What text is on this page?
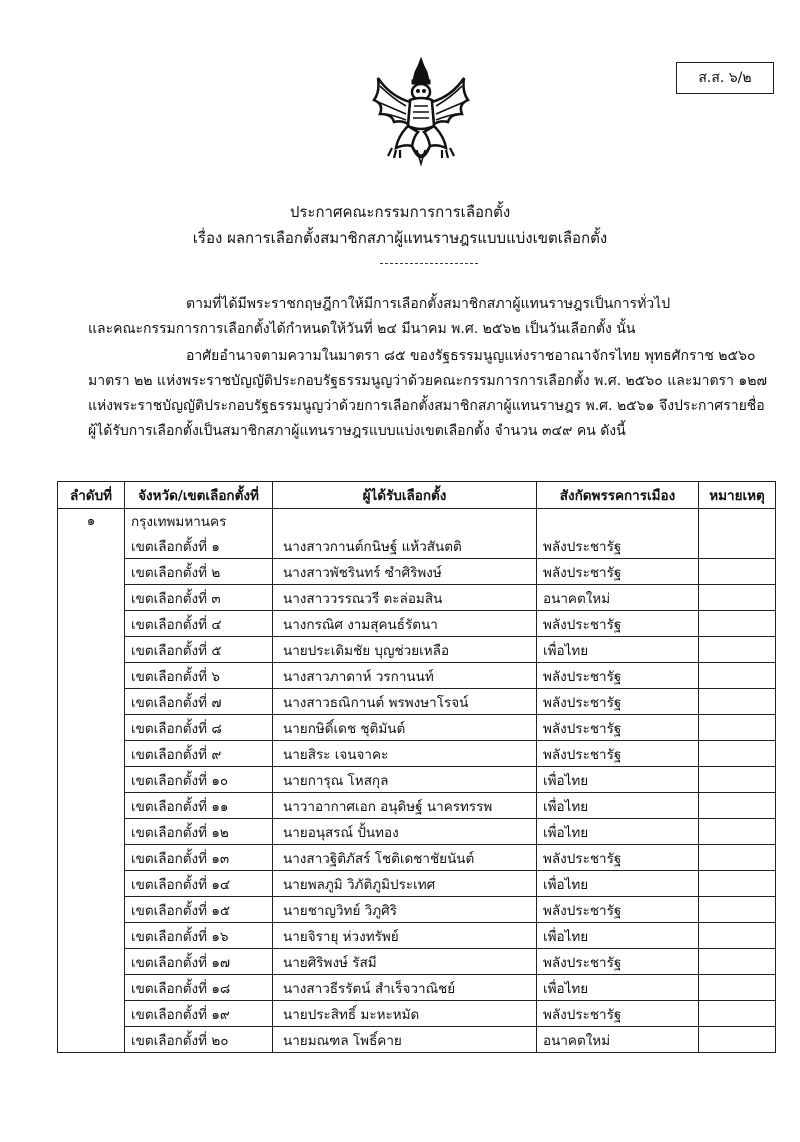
ส.ส. ๖/๒
ประกาศคณะกรรมการการเลือกตั้ง
เรื่อง ผลการเลือกตั้งสมาชิกสภาผู้แทนราษฎรแบบแบ่งเขตเลือกตั้ง
ตามที่ได้มีพระราชกฤษฎีกาให้มีการเลือกตั้งสมาชิกสภาผู้แทนราษฎรเป็นการทั่วไป
และคณะกรรมการการเลือกตั้งได้กำหนดให้วันที่ ๒๔ มีนาคม พ.ศ. ๒๕๖๒ เป็นวันเลือกตั้ง นั้น
อาศัยอำนาจตามความในมาตรา ๘๕ ของรัฐธรรมนูญแห่งราชอาณาจักรไทย พุทธศักราช ๒๕๖๐
มาตรา ๒๒ แห่งพระราชบัญญัติประกอบรัฐธรรมนูญว่าด้วยคณะกรรมการการเลือกตั้ง พ.ศ. ๒๕๖๐ และมาตรา ๑๒๗
แห่งพระราชบัญญัติประกอบรัฐธรรมนูญว่าด้วยการเลือกตั้งสมาชิกสภาผู้แทนราษฎร พ.ศ. ๒๕๖๑ จึงประกาศรายชื่อ
ผู้ได้รับการเลือกตั้งเป็นสมาชิกสภาผู้แทนราษฎรแบบแบ่งเขตเลือกตั้ง จำนวน ๓๔๙ คน ดังนี้
ลำดับที่	จังหวัด/เขตเลือกตั้งที่	ผู้ได้รับเลือกตั้ง	สังกัดพรรคการเมือง	หมายเหตุ
๑	กรุงเทพมหานคร			
	เขตเลือกตั้งที่ ๑	นางสาวกานต์กนิษฐ์ แห้วสันตติ	พลังประชารัฐ	
	เขตเลือกตั้งที่ ๒	นางสาวพัชรินทร์ ซำศิริพงษ์	พลังประชารัฐ	
	เขตเลือกตั้งที่ ๓	นางสาววรรณวรี ตะล่อมสิน	อนาคตใหม่	
	เขตเลือกตั้งที่ ๔	นางกรณิศ งามสุคนธ์รัตนา	พลังประชารัฐ	
	เขตเลือกตั้งที่ ๕	นายประเดิมชัย บุญช่วยเหลือ	เพื่อไทย	
	เขตเลือกตั้งที่ ๖	นางสาวภาดาห์ วรกานนท์	พลังประชารัฐ	
	เขตเลือกตั้งที่ ๗	นางสาวธณิกานต์ พรพงษาโรจน์	พลังประชารัฐ	
	เขตเลือกตั้งที่ ๘	นายกษิดิ์เดช ชุติมันต์	พลังประชารัฐ	
	เขตเลือกตั้งที่ ๙	นายสิระ เจนจาคะ	พลังประชารัฐ	
	เขตเลือกตั้งที่ ๑๐	นายการุณ โหสกุล	เพื่อไทย	
	เขตเลือกตั้งที่ ๑๑	นาวาอากาศเอก อนุดิษฐ์ นาครทรรพ	เพื่อไทย	
	เขตเลือกตั้งที่ ๑๒	นายอนุสรณ์ ปั้นทอง	เพื่อไทย	
	เขตเลือกตั้งที่ ๑๓	นางสาวฐิติภัสร์ โชติเดชาชัยนันต์	พลังประชารัฐ	
	เขตเลือกตั้งที่ ๑๔	นายพลภูมิ วิภัติภูมิประเทศ	เพื่อไทย	
	เขตเลือกตั้งที่ ๑๕	นายชาญวิทย์ วิภูศิริ	พลังประชารัฐ	
	เขตเลือกตั้งที่ ๑๖	นายจิรายุ ห่วงทรัพย์	เพื่อไทย	
	เขตเลือกตั้งที่ ๑๗	นายศิริพงษ์ รัสมี	พลังประชารัฐ	
	เขตเลือกตั้งที่ ๑๘	นางสาวธีรรัตน์ สำเร็จวาณิชย์	เพื่อไทย	
	เขตเลือกตั้งที่ ๑๙	นายประสิทธิ์ มะหะหมัด	พลังประชารัฐ	
	เขตเลือกตั้งที่ ๒๐	นายมณฑล โพธิ์คาย	อนาคตใหม่	
